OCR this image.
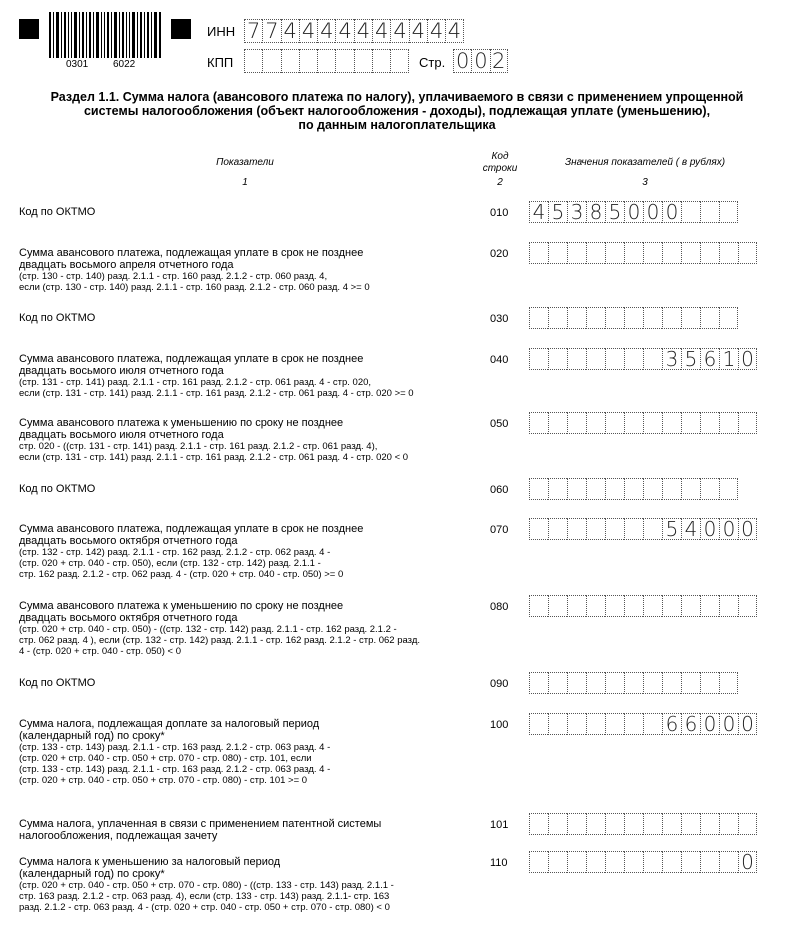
0301 6022
ИНН 7 7 4 4 4 4 4 4 4 4 4 4
КПП	Стр. 0 0 2
Раздел 1.1. Сумма налога (авансового платежа по налогу), уплачиваемого в связи с применением упрощенной
системы налогообложения (объект налогообложения - доходы), подлежащая уплате (уменьшению),
по данным налогоплательщика
Показатели
1
Код
строки
2
Значения показателей ( в рублях)
3
Код по ОКТМО	010 4 5 3 8 5 0 0 0
Сумма авансового платежа, подлежащая уплате в срок не позднее
двадцать восьмого апреля отчетного года
(стр. 130 - стр. 140) разд. 2.1.1 - стр. 160 разд. 2.1.2 - стр. 060 разд. 4,
если (стр. 130 - стр. 140) разд. 2.1.1 - стр. 160 разд. 2.1.2 - стр. 060 разд. 4 >= 0
020
Код по ОКТМО	030
Сумма авансового платежа, подлежащая уплате в срок не позднее
двадцать восьмого июля отчетного года
(стр. 131 - стр. 141) разд. 2.1.1 - стр. 161 разд. 2.1.2 - стр. 061 разд. 4 - стр. 020,
если (стр. 131 - стр. 141) разд. 2.1.1 - стр. 161 разд. 2.1.2 - стр. 061 разд. 4 - стр. 020 >= 0
040	3 5 6 1 0
Сумма авансового платежа к уменьшению по сроку не позднее
двадцать восьмого июля отчетного года
стр. 020 - ((стр. 131 - стр. 141) разд. 2.1.1 - стр. 161 разд. 2.1.2 - стр. 061 разд. 4),
если (стр. 131 - стр. 141) разд. 2.1.1 - стр. 161 разд. 2.1.2 - стр. 061 разд. 4 - стр. 020 < 0
050
Код по ОКТМО	060
Сумма авансового платежа, подлежащая уплате в срок не позднее
двадцать восьмого октября отчетного года
(стр. 132 - стр. 142) разд. 2.1.1 - стр. 162 разд. 2.1.2 - стр. 062 разд. 4 -
(стр. 020 + стр. 040 - стр. 050), если (стр. 132 - стр. 142) разд. 2.1.1 -
стр. 162 разд. 2.1.2 - стр. 062 разд. 4 - (стр. 020 + стр. 040 - стр. 050) >= 0
070	5 4 0 0 0
Сумма авансового платежа к уменьшению по сроку не позднее
двадцать восьмого октября отчетного года
(стр. 020 + стр. 040 - стр. 050) - ((стр. 132 - стр. 142) разд. 2.1.1 - стр. 162 разд. 2.1.2 -
стр. 062 разд. 4 ), если (стр. 132 - стр. 142) разд. 2.1.1 - стр. 162 разд. 2.1.2 - стр. 062 разд.
4 - (стр. 020 + стр. 040 - стр. 050) < 0
080
Код по ОКТМО	090
Сумма налога, подлежащая доплате за налоговый период
(календарный год) по сроку*
(стр. 133 - стр. 143) разд. 2.1.1 - стр. 163 разд. 2.1.2 - стр. 063 разд. 4 -
(стр. 020 + стр. 040 - стр. 050 + стр. 070 - стр. 080) - стр. 101, если
(стр. 133 - стр. 143) разд. 2.1.1 - стр. 163 разд. 2.1.2 - стр. 063 разд. 4 -
(стр. 020 + стр. 040 - стр. 050 + стр. 070 - стр. 080) - стр. 101 >= 0
100	6 6 0 0 0
Сумма налога, уплаченная в связи с применением патентной системы
налогообложения, подлежащая зачету
101
Сумма налога к уменьшению за налоговый период
(календарный год) по сроку*
(стр. 020 + стр. 040 - стр. 050 + стр. 070 - стр. 080) - ((стр. 133 - стр. 143) разд. 2.1.1 -
стр. 163 разд. 2.1.2 - стр. 063 разд. 4), если (стр. 133 - стр. 143) разд. 2.1.1- стр. 163
разд. 2.1.2 - стр. 063 разд. 4 - (стр. 020 + стр. 040 - стр. 050 + стр. 070 - стр. 080) < 0
110	0
